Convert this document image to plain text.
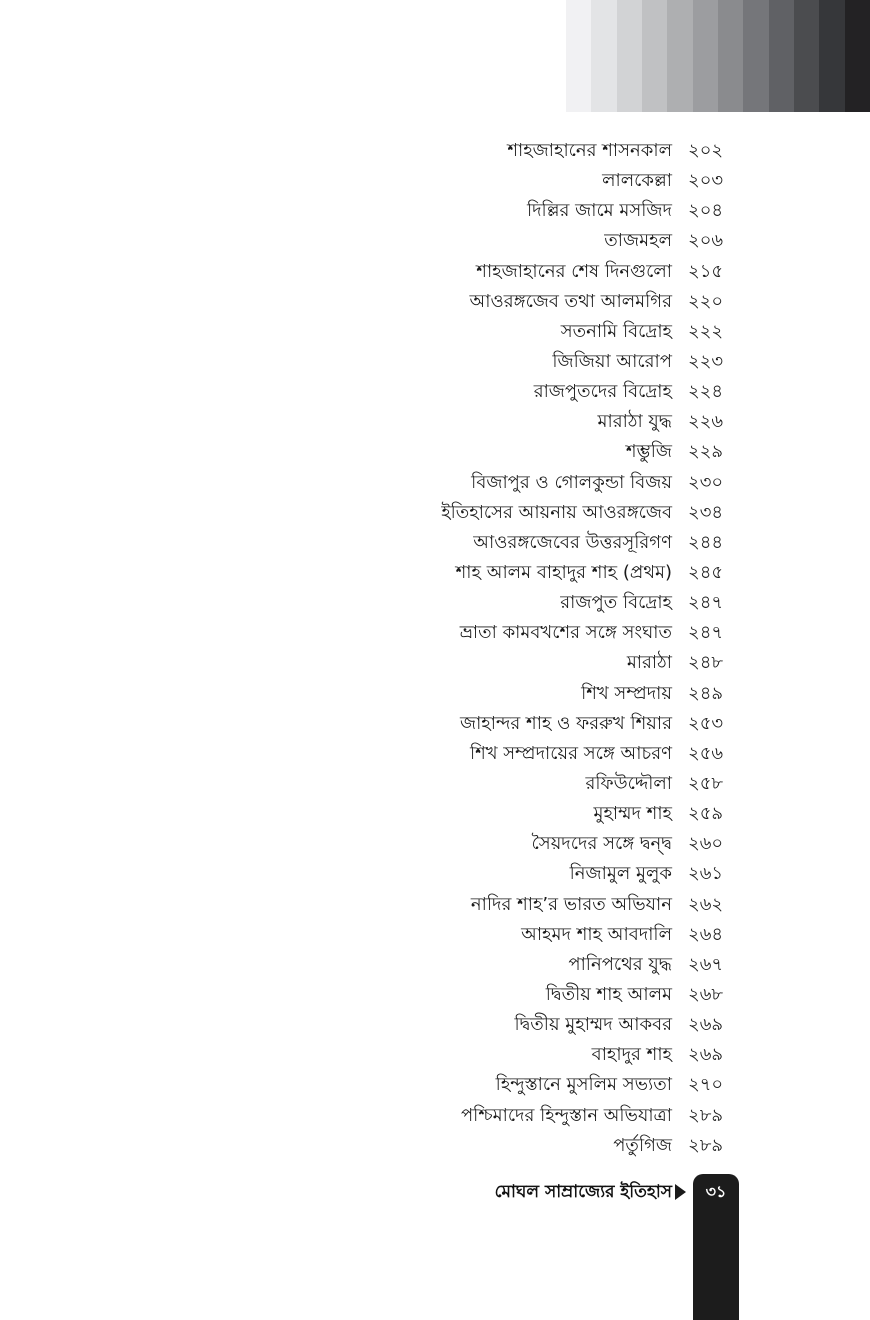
শাহজাহানের শাসনকাল ২০২
লালকেল্লা ২০৩
দিল্লির জামে মসজিদ ২০৪
তাজমহল ২০৬
শাহজাহানের শেষ দিনগুলো ২১৫
আওরঙ্গজেব তথা আলমগির ২২০
সতনামি বিদ্রোহ ২২২
জিজিয়া আরোপ ২২৩
রাজপুতদের বিদ্রোহ ২২৪
মারাঠা যুদ্ধ ২২৬
শম্ভুজি ২২৯
বিজাপুর ও গোলকুন্ডা বিজয় ২৩০
ইতিহাসের আয়নায় আওরঙ্গজেব ২৩৪
আওরঙ্গজেবের উত্তরসূরিগণ ২৪৪
শাহ আলম বাহাদুর শাহ (প্রথম) ২৪৫
রাজপুত বিদ্রোহ ২৪৭
ভ্রাতা কামবখশের সঙ্গে সংঘাত ২৪৭
মারাঠা ২৪৮
শিখ সম্প্রদায় ২৪৯
জাহান্দর শাহ ও ফররুখ শিয়ার ২৫৩
শিখ সম্প্রদায়ের সঙ্গে আচরণ ২৫৬
রফিউদ্দৌলা ২৫৮
মুহাম্মদ শাহ ২৫৯
সৈয়দদের সঙ্গে দ্বন্দ্ব ২৬০
নিজামুল মুলুক ২৬১
নাদির শাহ’র ভারত অভিযান ২৬২
আহমদ শাহ আবদালি ২৬৪
পানিপথের যুদ্ধ ২৬৭
দ্বিতীয় শাহ আলম ২৬৮
দ্বিতীয় মুহাম্মদ আকবর ২৬৯
বাহাদুর শাহ ২৬৯
হিন্দুস্তানে মুসলিম সভ্যতা ২৭০
পশ্চিমাদের হিন্দুস্তান অভিযাত্রা ২৮৯
পর্তুগিজ ২৮৯
মোঘল সাম্রাজ্যের ইতিহাস	৩১
